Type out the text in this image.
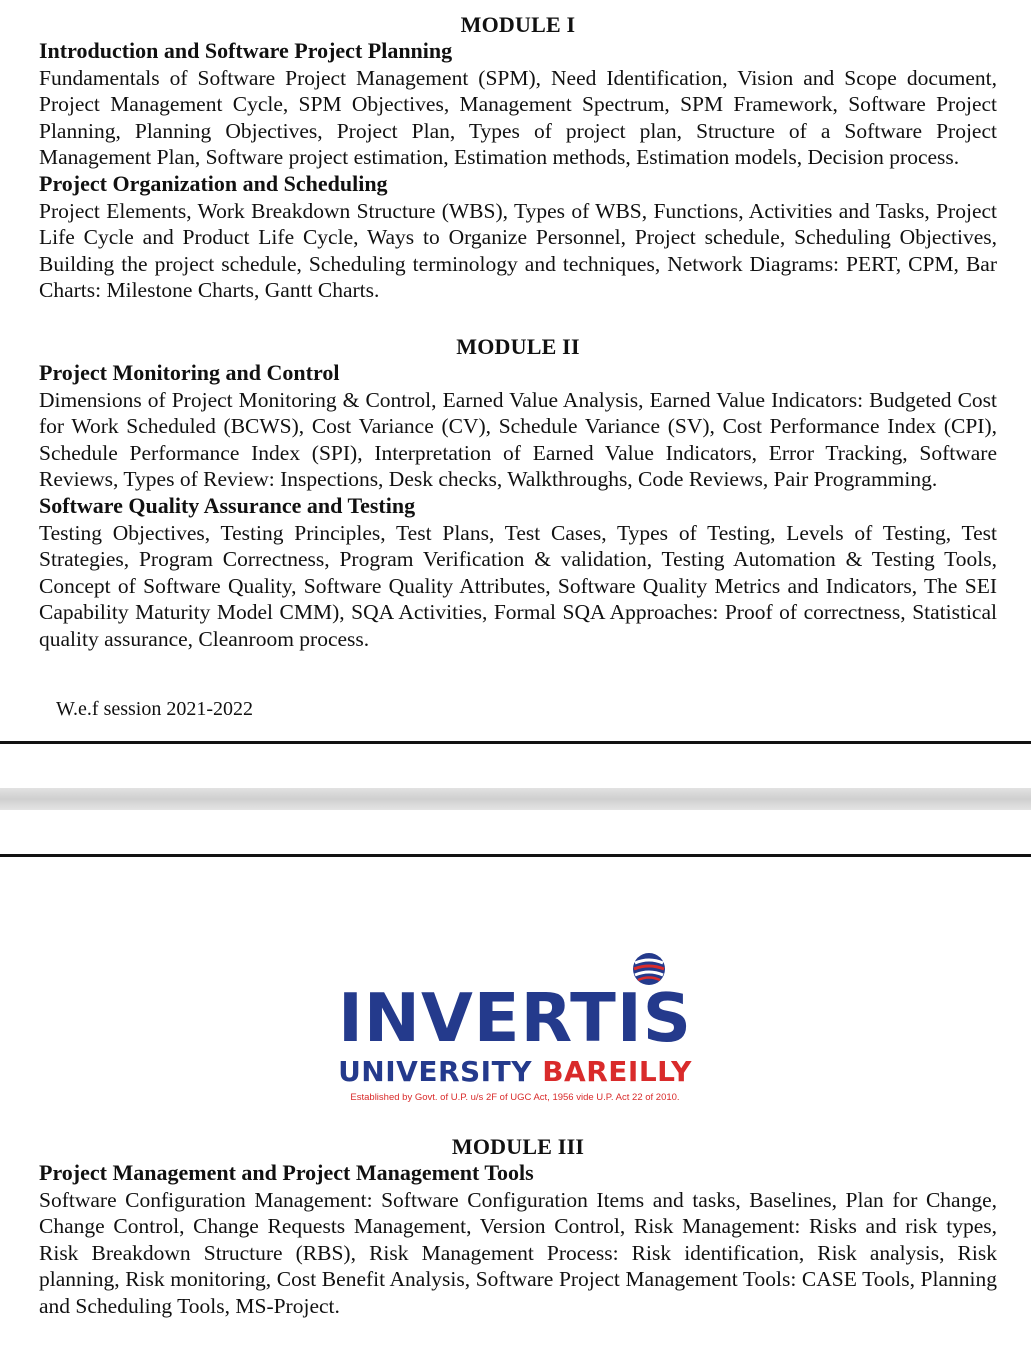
MODULE I

Introduction and Software Project Planning

Fundamentals of Software Project Management (SPM), Need Identification, Vision and Scope document, Project Management Cycle, SPM Objectives, Management Spectrum, SPM Framework, Software Project Planning, Planning Objectives, Project Plan, Types of project plan, Structure of a Software Project Management Plan, Software project estimation, Estimation methods, Estimation models, Decision process.

Project Organization and Scheduling

Project Elements, Work Breakdown Structure (WBS), Types of WBS, Functions, Activities and Tasks, Project Life Cycle and Product Life Cycle, Ways to Organize Personnel, Project schedule, Scheduling Objectives, Building the project schedule, Scheduling terminology and techniques, Network Diagrams: PERT, CPM, Bar Charts: Milestone Charts, Gantt Charts.

MODULE II

Project Monitoring and Control

Dimensions of Project Monitoring & Control, Earned Value Analysis, Earned Value Indicators: Budgeted Cost for Work Scheduled (BCWS), Cost Variance (CV), Schedule Variance (SV), Cost Performance Index (CPI), Schedule Performance Index (SPI), Interpretation of Earned Value Indicators, Error Tracking, Software Reviews, Types of Review: Inspections, Desk checks, Walkthroughs, Code Reviews, Pair Programming.

Software Quality Assurance and Testing

Testing Objectives, Testing Principles, Test Plans, Test Cases, Types of Testing, Levels of Testing, Test Strategies, Program Correctness, Program Verification & validation, Testing Automation & Testing Tools, Concept of Software Quality, Software Quality Attributes, Software Quality Metrics and Indicators, The SEI Capability Maturity Model CMM), SQA Activities, Formal SQA Approaches: Proof of correctness, Statistical quality assurance, Cleanroom process.

W.e.f session 2021-2022

INVERTIS
UNIVERSITY BAREILLY
Established by Govt. of U.P. u/s 2F of UGC Act, 1956 vide U.P. Act 22 of 2010.

MODULE III

Project Management and Project Management Tools

Software Configuration Management: Software Configuration Items and tasks, Baselines, Plan for Change, Change Control, Change Requests Management, Version Control, Risk Management: Risks and risk types, Risk Breakdown Structure (RBS), Risk Management Process: Risk identification, Risk analysis, Risk planning, Risk monitoring, Cost Benefit Analysis, Software Project Management Tools: CASE Tools, Planning and Scheduling Tools, MS-Project.
